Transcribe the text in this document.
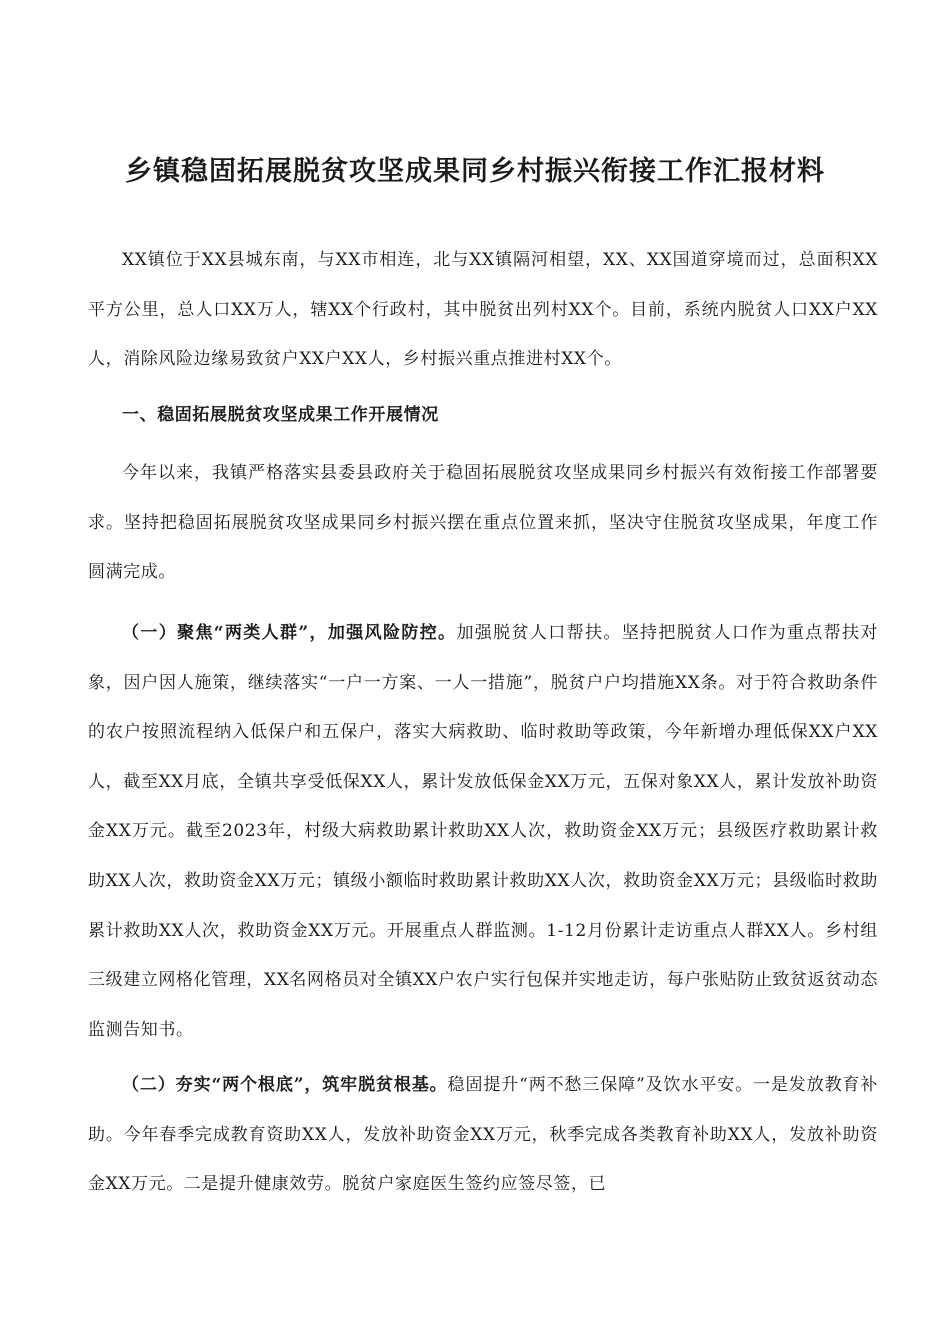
乡镇稳固拓展脱贫攻坚成果同乡村振兴衔接工作汇报材料

XX镇位于XX县城东南，与XX市相连，北与XX镇隔河相望，XX、XX国道穿境而过，总面积XX平方公里，总人口XX万人，辖XX个行政村，其中脱贫出列村XX个。目前，系统内脱贫人口XX户XX人，消除风险边缘易致贫户XX户XX人，乡村振兴重点推进村XX个。

一、稳固拓展脱贫攻坚成果工作开展情况

今年以来，我镇严格落实县委县政府关于稳固拓展脱贫攻坚成果同乡村振兴有效衔接工作部署要求。坚持把稳固拓展脱贫攻坚成果同乡村振兴摆在重点位置来抓，坚决守住脱贫攻坚成果，年度工作圆满完成。

（一）聚焦“两类人群”，加强风险防控。加强脱贫人口帮扶。坚持把脱贫人口作为重点帮扶对象，因户因人施策，继续落实“一户一方案、一人一措施”，脱贫户户均措施XX条。对于符合救助条件的农户按照流程纳入低保户和五保户，落实大病救助、临时救助等政策，今年新增办理低保XX户XX人，截至XX月底，全镇共享受低保XX人，累计发放低保金XX万元，五保对象XX人，累计发放补助资金XX万元。截至2023年，村级大病救助累计救助XX人次，救助资金XX万元；县级医疗救助累计救助XX人次，救助资金XX万元；镇级小额临时救助累计救助XX人次，救助资金XX万元；县级临时救助累计救助XX人次，救助资金XX万元。开展重点人群监测。1-12月份累计走访重点人群XX人。乡村组三级建立网格化管理，XX名网格员对全镇XX户农户实行包保并实地走访，每户张贴防止致贫返贫动态监测告知书。

（二）夯实“两个根底”，筑牢脱贫根基。稳固提升“两不愁三保障”及饮水平安。一是发放教育补助。今年春季完成教育资助XX人，发放补助资金XX万元，秋季完成各类教育补助XX人，发放补助资金XX万元。二是提升健康效劳。脱贫户家庭医生签约应签尽签，已
